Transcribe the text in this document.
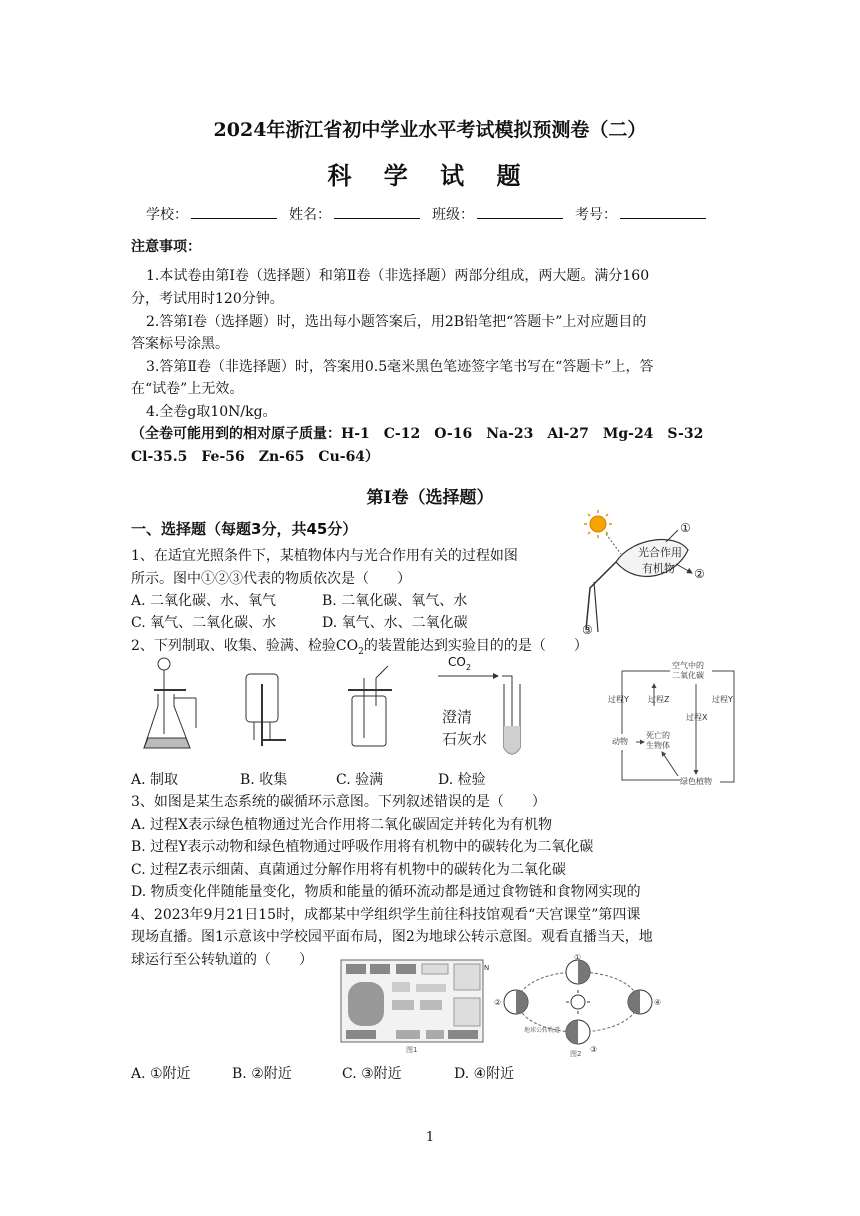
2024年浙江省初中学业水平考试模拟预测卷（二）
科 学 试 题
学校：	姓名：	班级：	考号：
注意事项：
1.本试卷由第Ⅰ卷（选择题）和第Ⅱ卷（非选择题）两部分组成，两大题。满分160
分，考试用时120分钟。
2.答第Ⅰ卷（选择题）时，选出每小题答案后，用2B铅笔把“答题卡”上对应题目的
答案标号涂黑。
3.答第Ⅱ卷（非选择题）时，答案用0.5毫米黑色笔迹签字笔书写在“答题卡”上，答
在“试卷”上无效。
4.全卷g取10N/kg。
（全卷可能用到的相对原子质量：H-1　C-12　O-16　Na-23　Al-27　Mg-24　S-32
Cl-35.5　Fe-56　Zn-65　Cu-64）
第Ⅰ卷（选择题）
一、选择题（每题3分，共45分）
1、在适宜光照条件下，某植物体内与光合作用有关的过程如图
所示。图中①②③代表的物质依次是（　　）
A. 二氧化碳、水、氧气	B. 二氧化碳、氧气、水
C. 氧气、二氧化碳、水	D. 氧气、水、二氧化碳
光合作用
有机物
①
②
③
2、下列制取、收集、验满、检验$CO_2$的装置能达到实验目的的是（　　）
CO 2
澄清
石灰水
A. 制取	B. 收集	C. 验满	D. 检验
空气中的
二氧化碳
过程Y 过程Z	过程Y
过程X
动物
死亡的
生物体
绿色植物
3、如图是某生态系统的碳循环示意图。下列叙述错误的是（　　）
A. 过程X表示绿色植物通过光合作用将二氧化碳固定并转化为有机物
B. 过程Y表示动物和绿色植物通过呼吸作用将有机物中的碳转化为二氧化碳
C. 过程Z表示细菌、真菌通过分解作用将有机物中的碳转化为二氧化碳
D. 物质变化伴随能量变化，物质和能量的循环流动都是通过食物链和食物网实现的
4、2023年9月21日15时，成都某中学组织学生前往科技馆观看“天宫课堂”第四课
现场直播。图1示意该中学校园平面布局，图2为地球公转示意图。观看直播当天，地
球运行至公转轨道的（　　）
图1
N
①
②
③
④
地球公转轨道
图2
A. ①附近	B. ②附近	C. ③附近	D. ④附近
1
